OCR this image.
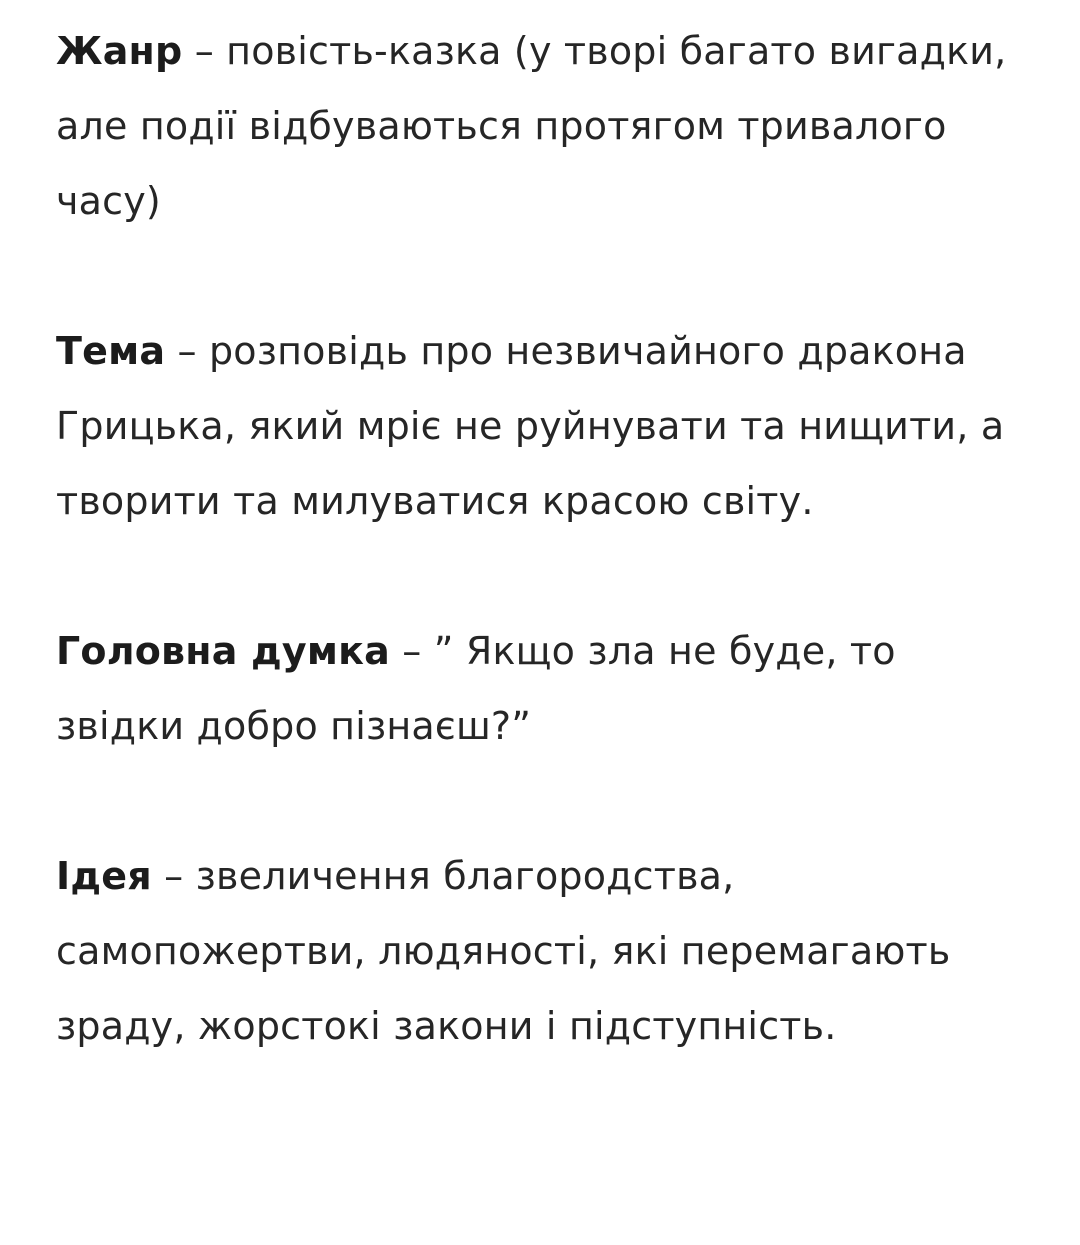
Жанр – повість-казка (у творі багато вигадки, але події відбуваються протягом тривалого часу)

Тема – розповідь про незвичайного дракона Грицька, який мріє не руйнувати та нищити, а творити та милуватися красою світу.

Головна думка – ” Якщо зла не буде, то звідки добро пізнаєш?”

Ідея – звеличення благородства, самопожертви, людяності, які перемагають зраду, жорстокі закони і підступність.
